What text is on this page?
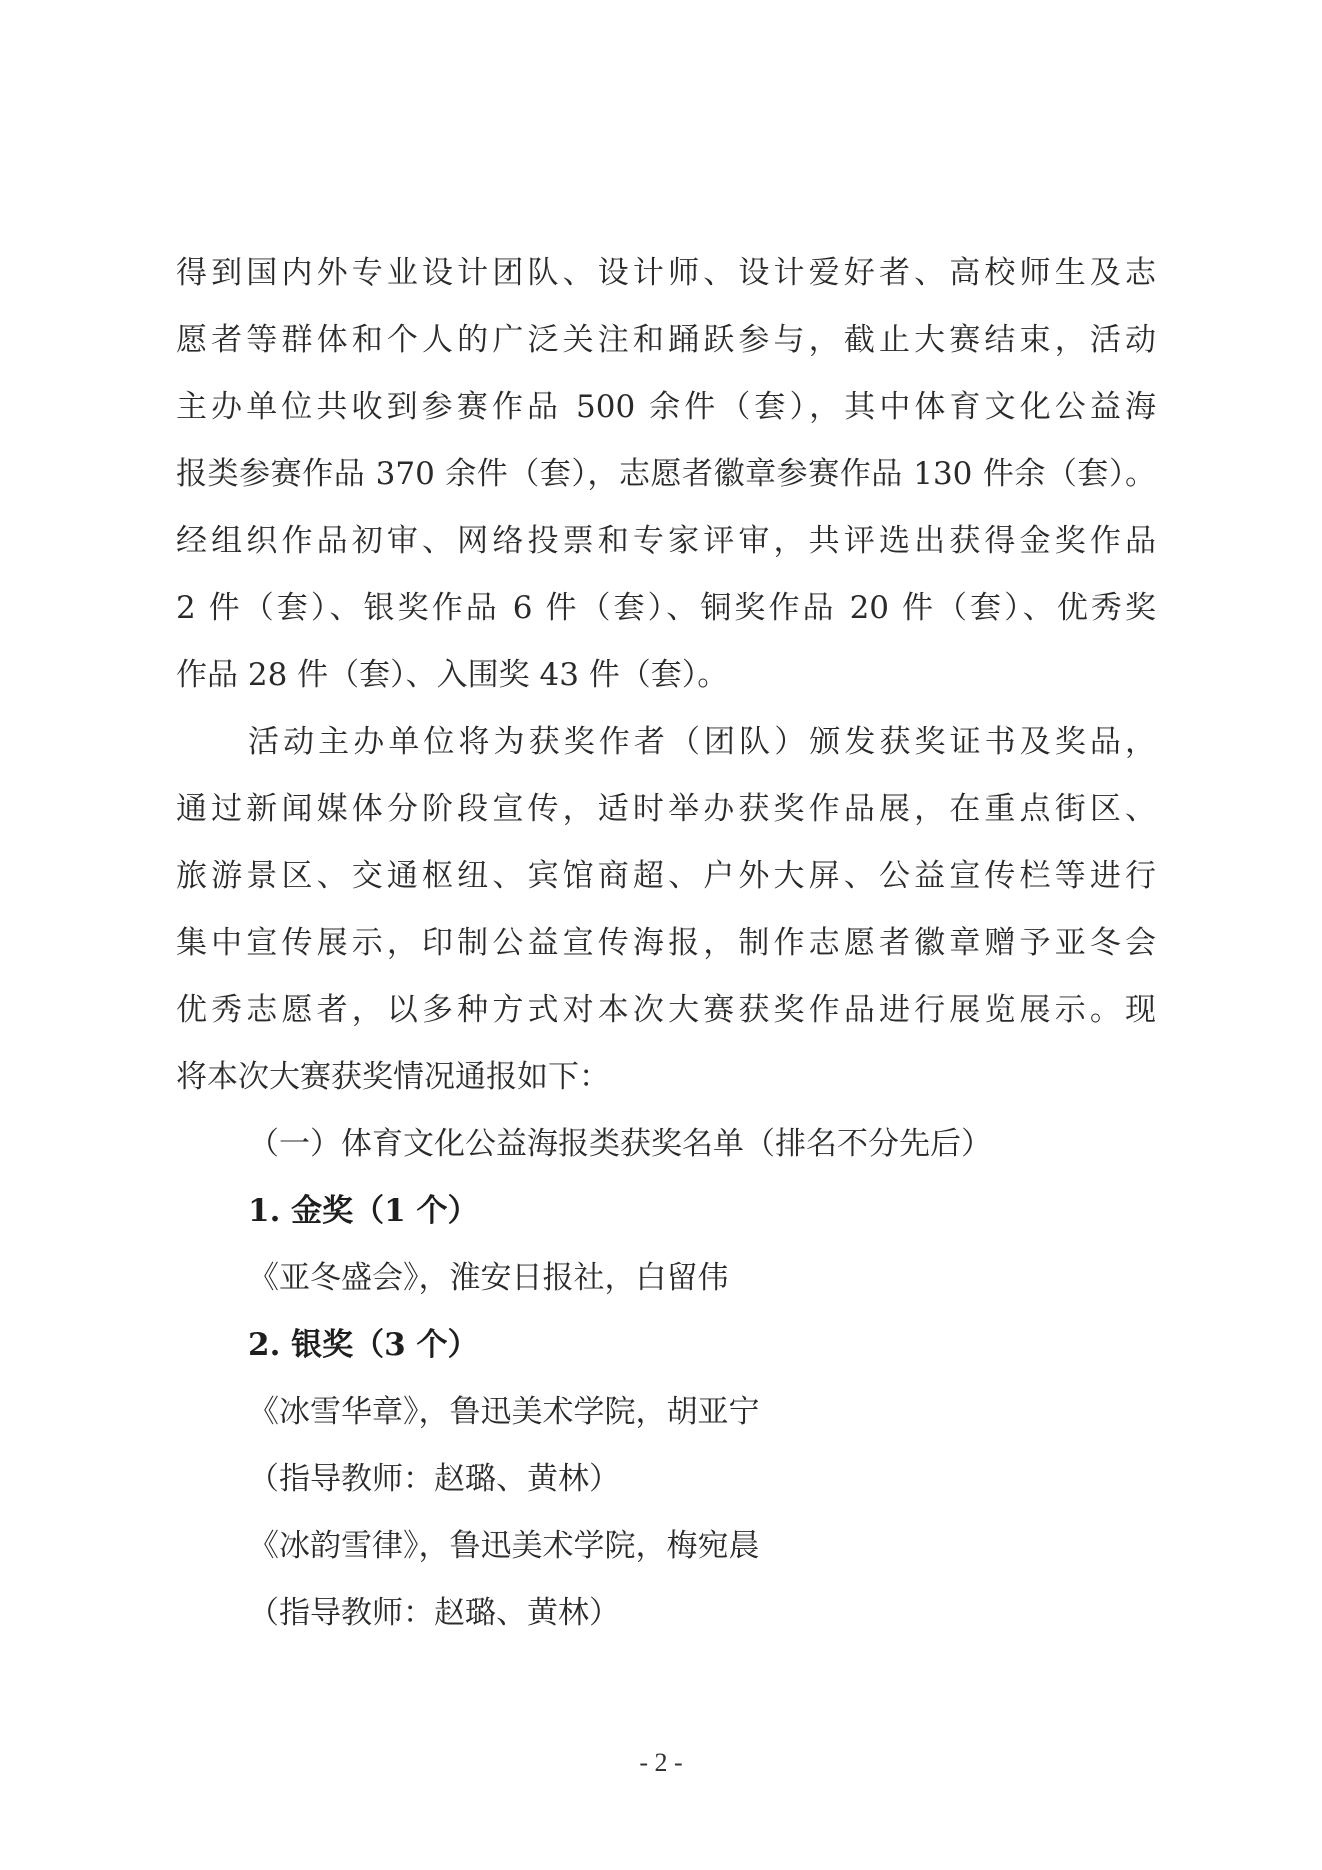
得到国内外专业设计团队、设计师、设计爱好者、高校师生及志
愿者等群体和个人的广泛关注和踊跃参与，截止大赛结束，活动
主办单位共收到参赛作品 500 余件（套），其中体育文化公益海
报类参赛作品 370 余件（套），志愿者徽章参赛作品 130 件余（套）。
经组织作品初审、网络投票和专家评审，共评选出获得金奖作品
2 件（套）、银奖作品 6 件（套）、铜奖作品 20 件（套）、优秀奖
作品 28 件（套）、入围奖 43 件（套）。
活动主办单位将为获奖作者（团队）颁发获奖证书及奖品，
通过新闻媒体分阶段宣传，适时举办获奖作品展，在重点街区、
旅游景区、交通枢纽、宾馆商超、户外大屏、公益宣传栏等进行
集中宣传展示，印制公益宣传海报，制作志愿者徽章赠予亚冬会
优秀志愿者，以多种方式对本次大赛获奖作品进行展览展示。现
将本次大赛获奖情况通报如下：
（一）体育文化公益海报类获奖名单（排名不分先后）
1. 金奖（1 个）
《亚冬盛会》，淮安日报社，白留伟
2. 银奖（3 个）
《冰雪华章》，鲁迅美术学院，胡亚宁
（指导教师：赵璐、黄林）
《冰韵雪律》，鲁迅美术学院，梅宛晨
（指导教师：赵璐、黄林）
- 2 -
